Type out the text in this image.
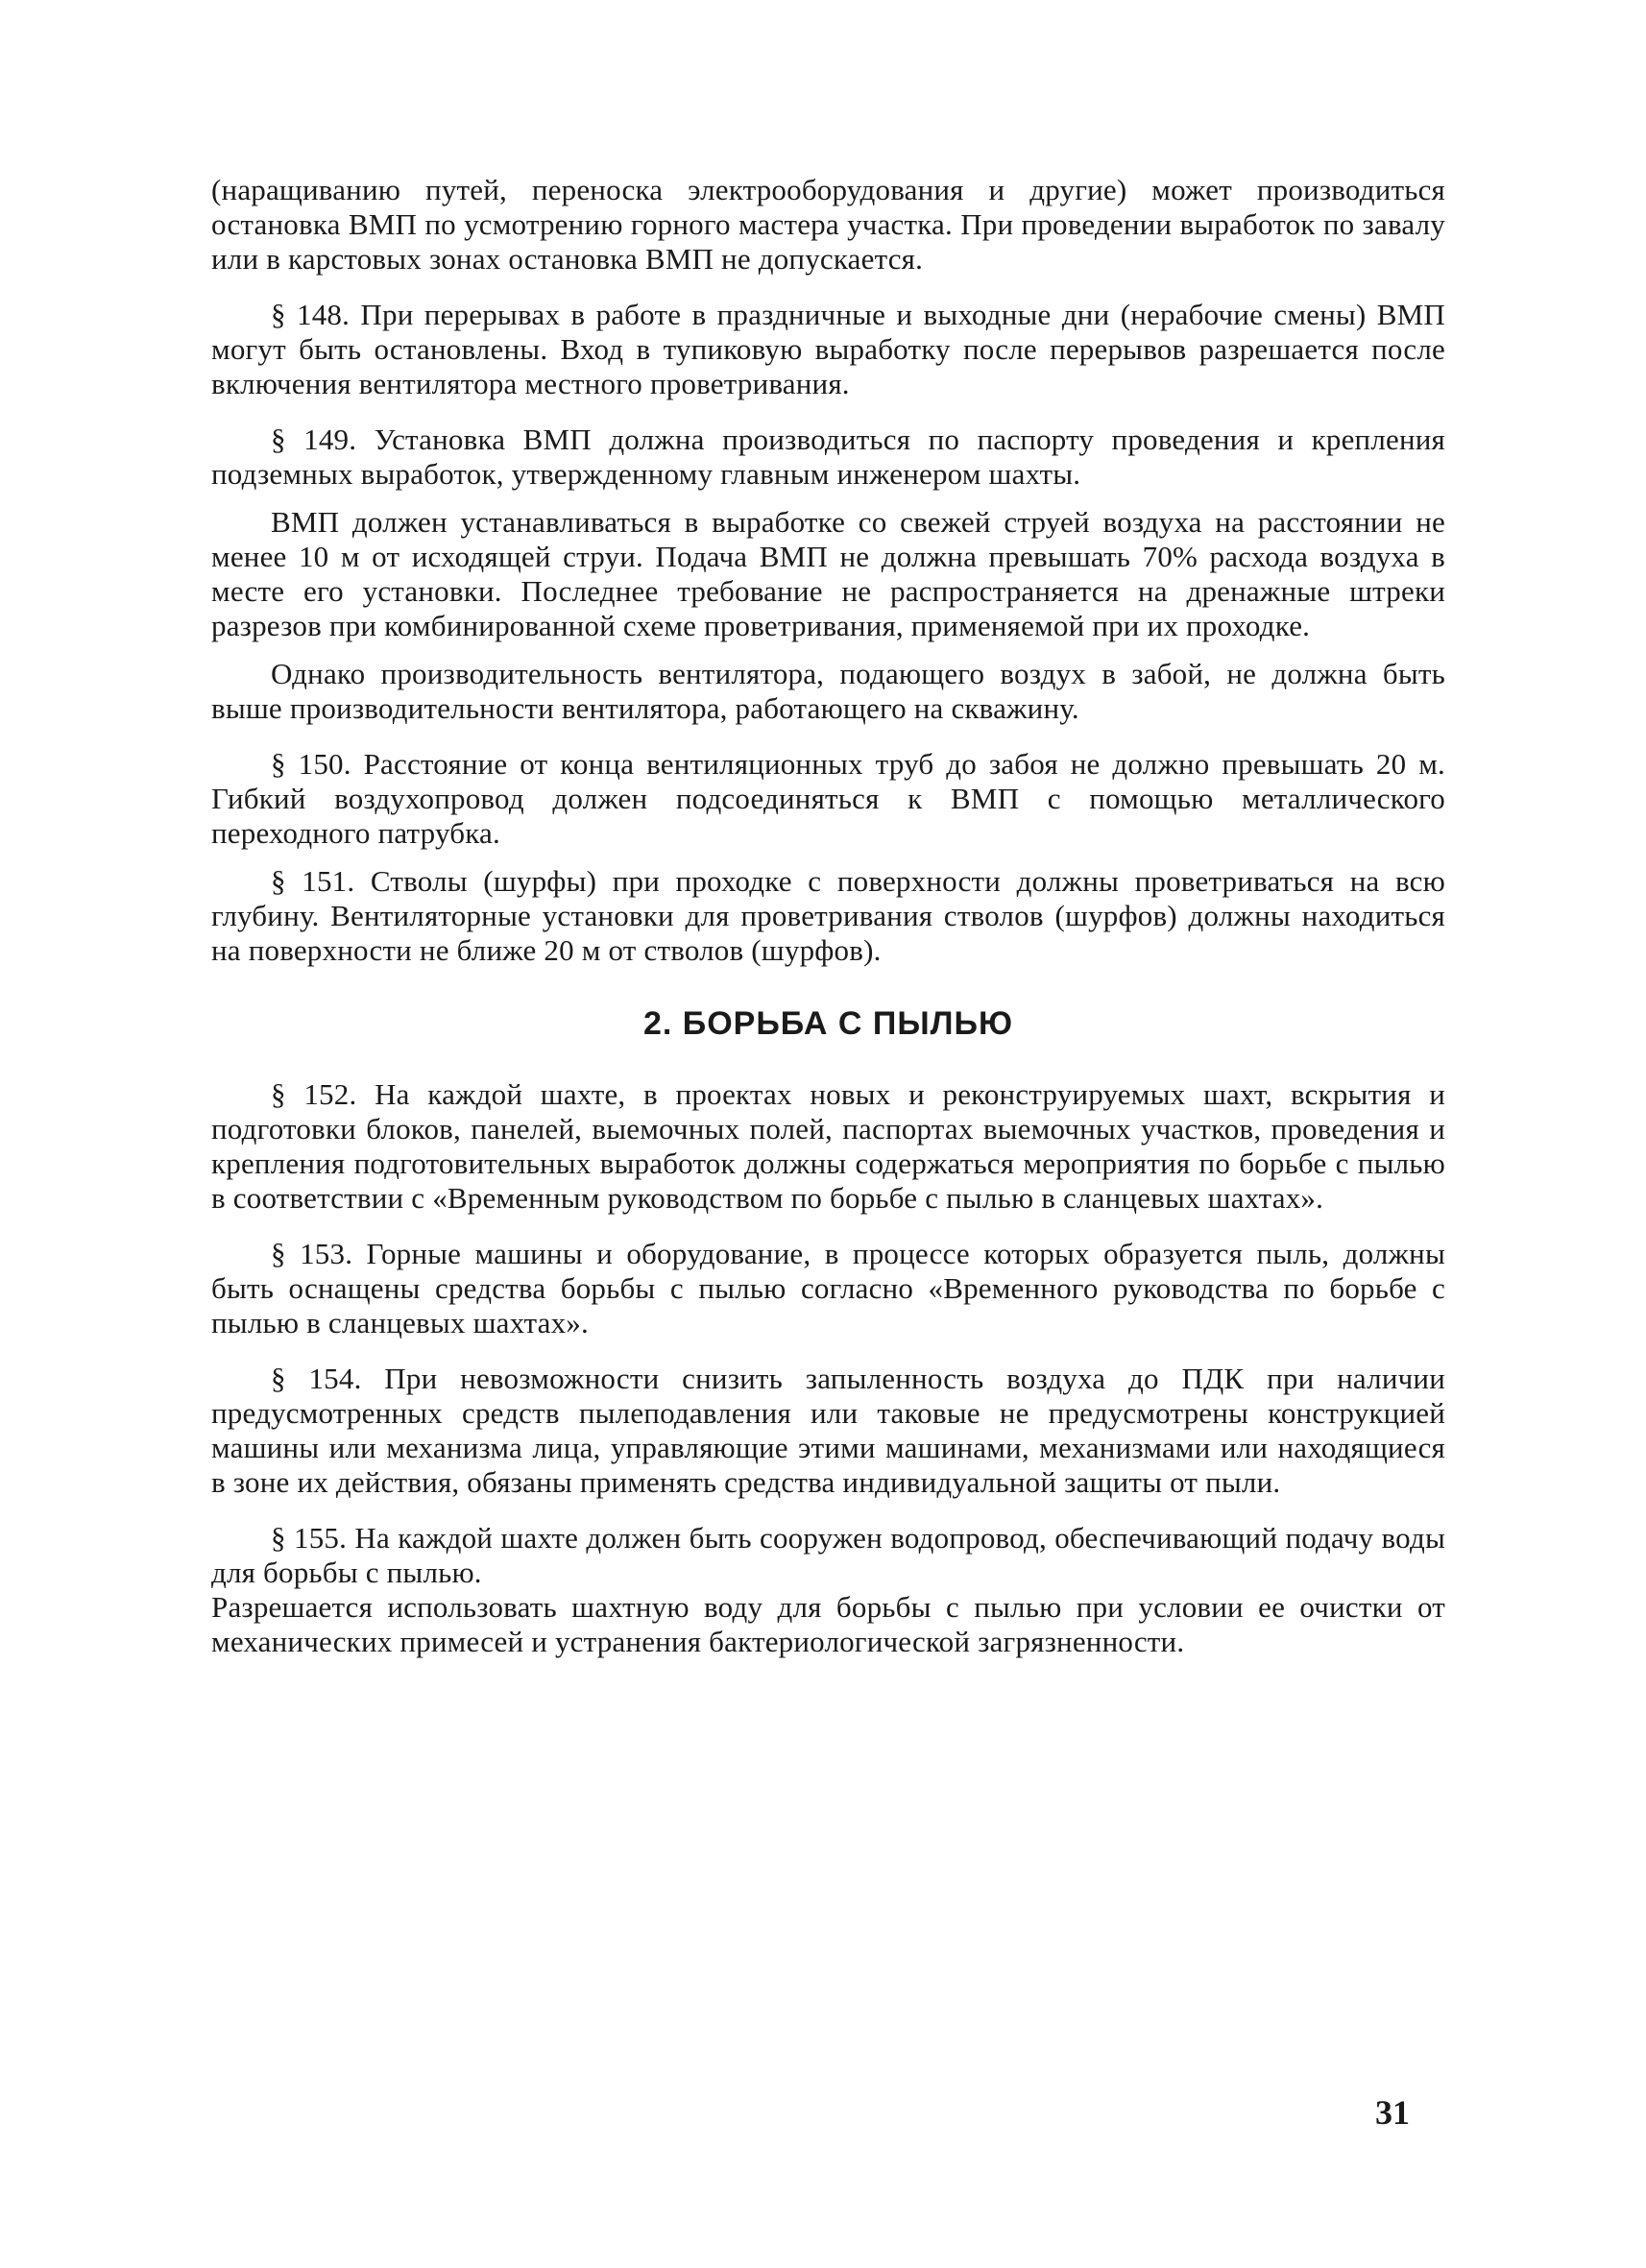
(наращиванию путей, переноска электрооборудования и другие) может производиться остановка ВМП по усмотрению горного мастера участка. При проведении выработок по завалу или в карстовых зонах остановка ВМП не допускается.

§ 148. При перерывах в работе в праздничные и выходные дни (нерабочие смены) ВМП могут быть остановлены. Вход в тупиковую выработку после перерывов разрешается после включения вентилятора местного проветривания.

§ 149. Установка ВМП должна производиться по паспорту проведения и крепления подземных выработок, утвержденному главным инженером шахты.

ВМП должен устанавливаться в выработке со свежей струей воздуха на расстоянии не менее 10 м от исходящей струи. Подача ВМП не должна превышать 70% расхода воздуха в месте его установки. Последнее требование не распространяется на дренажные штреки разрезов при комбинированной схеме проветривания, применяемой при их проходке.

Однако производительность вентилятора, подающего воздух в забой, не должна быть выше производительности вентилятора, работающего на скважину.

§ 150. Расстояние от конца вентиляционных труб до забоя не должно превышать 20 м. Гибкий воздухопровод должен подсоединяться к ВМП с помощью металлического переходного патрубка.

§ 151. Стволы (шурфы) при проходке с поверхности должны проветриваться на всю глубину. Вентиляторные установки для проветривания стволов (шурфов) должны находиться на поверхности не ближе 20 м от стволов (шурфов).

2. БОРЬБА С ПЫЛЬЮ

§ 152. На каждой шахте, в проектах новых и реконструируемых шахт, вскрытия и подготовки блоков, панелей, выемочных полей, паспортах выемочных участков, проведения и крепления подготовительных выработок должны содержаться мероприятия по борьбе с пылью в соответствии с «Временным руководством по борьбе с пылью в сланцевых шахтах».

§ 153. Горные машины и оборудование, в процессе которых образуется пыль, должны быть оснащены средства борьбы с пылью согласно «Временного руководства по борьбе с пылью в сланцевых шахтах».

§ 154. При невозможности снизить запыленность воздуха до ПДК при наличии предусмотренных средств пылеподавления или таковые не предусмотрены конструкцией машины или механизма лица, управляющие этими машинами, механизмами или находящиеся в зоне их действия, обязаны применять средства индивидуальной защиты от пыли.

§ 155. На каждой шахте должен быть сооружен водопровод, обеспечивающий подачу воды для борьбы с пылью.

Разрешается использовать шахтную воду для борьбы с пылью при условии ее очистки от механических примесей и устранения бактериологической загрязненности.

31
